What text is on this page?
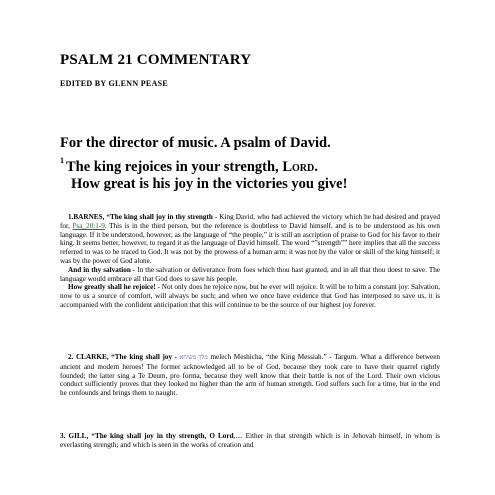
PSALM 21 COMMENTARY
EDITED BY GLENN PEASE
For the director of music. A psalm of David.
$^1$ The king rejoices in your strength, Lord.
How great is his joy in the victories you give!

1.BARNES, “The king shall joy in thy strength - King David, who had achieved the victory which he had desired and prayed for, Psa_20:1-9. This is in the third person, but the reference is doubtless to David himself, and is to be understood as his own language. If it be understood, however, as the language of “the people,” it is still an ascription of praise to God for his favor to their king. It seems better, however, to regard it as the language of David himself. The word “”strength”” here implies that all the success referred to was to be traced to God. It was not by the prowess of a human arm; it was not by the valor or skill of the king himself; it was by the power of God alone.

And in thy salvation - In the salvation or deliverance from foes which thou hast granted, and in all that thou doest to save. The language would embrace all that God does to save his people.

How greatly shall he rejoice! - Not only does he rejoice now, but he ever will rejoice. It will be to him a constant joy. Salvation, now to us a source of comfort, will always be such; and when we once have evidence that God has interposed to save us, it is accompanied with the confident anticipation that this will continue to be the source of our highest joy forever.

2. CLARKE, “The king shall joy - מלך משיחא melech Meshicha, “the King Messiah.” - Targum. What a difference between ancient and modern heroes! The former acknowledged all to be of God, because they took care to have their quarrel rightly founded; the latter sing a Te Deum, pro forma, because they well know that their battle is not of the Lord. Their own vicious conduct sufficiently proves that they looked no higher than the arm of human strength. God suffers such for a time, but in the end he confounds and brings them to naught.

3. GILL, “The king shall joy in thy strength, O Lord,.... Either in that strength which is in Jehovah himself, in whom is everlasting strength; and which is seen in the works of creation and
